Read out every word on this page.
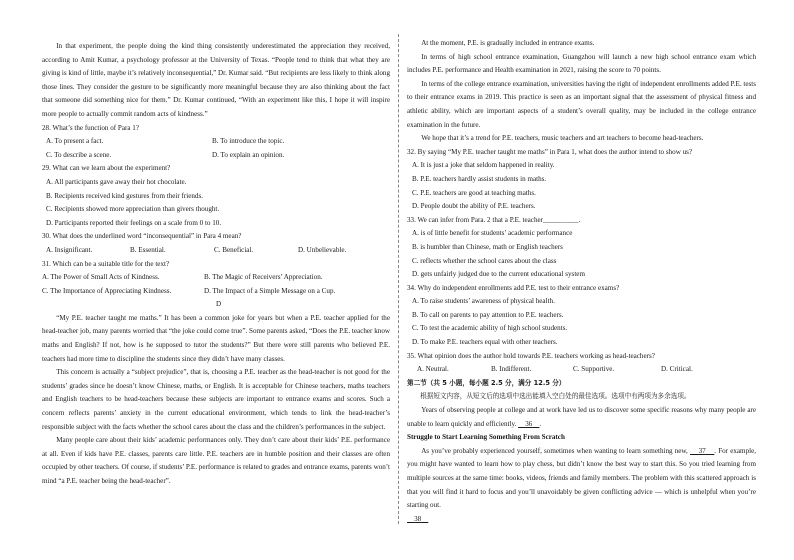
In that experiment, the people doing the kind thing consistently underestimated the appreciation they received, according to Amit Kumar, a psychology professor at the University of Texas. “People tend to think that what they are giving is kind of little, maybe it’s relatively inconsequential,” Dr. Kumar said. “But recipients are less likely to think along those lines. They consider the gesture to be significantly more meaningful because they are also thinking about the fact that someone did something nice for them.” Dr. Kumar continued, “With an experiment like this, I hope it will inspire more people to actually commit random acts of kindness.”

28. What’s the function of Para 1?

A. To present a fact.	B. To introduce the topic.
C. To describe a scene.	D. To explain an opinion.

29. What can we learn about the experiment?

A. All participants gave away their hot chocolate.

B. Recipients received kind gestures from their friends.

C. Recipients showed more appreciation than givers thought.

D. Participants reported their feelings on a scale from 0 to 10.

30. What does the underlined word “inconsequential” in Para 4 mean?

A. Insignificant.	B. Essential.	C. Beneficial.	D. Unbelievable.

31. Which can be a suitable title for the text?

A. The Power of Small Acts of Kindness.	B. The Magic of Receivers’ Appreciation.
C. The Importance of Appreciating Kindness.	D. The Impact of a Simple Message on a Cup.

D

“My P.E. teacher taught me maths.” It has been a common joke for years but when a P.E. teacher applied for the head-teacher job, many parents worried that “the joke could come true”. Some parents asked, “Does the P.E. teacher know maths and English? If not, how is he supposed to tutor the students?” But there were still parents who believed P.E. teachers had more time to discipline the students since they didn’t have many classes.

This concern is actually a “subject prejudice”, that is, choosing a P.E. teacher as the head-teacher is not good for the students’ grades since he doesn’t know Chinese, maths, or English. It is acceptable for Chinese teachers, maths teachers and English teachers to be head-teachers because these subjects are important to entrance exams and scores. Such a concern reflects parents’ anxiety in the current educational environment, which tends to link the head-teacher’s responsible subject with the facts whether the school cares about the class and the children’s performances in the subject.

Many people care about their kids’ academic performances only. They don’t care about their kids’ P.E. performance at all. Even if kids have P.E. classes, parents care little. P.E. teachers are in humble position and their classes are often occupied by other teachers. Of course, if students’ P.E. performance is related to grades and entrance exams, parents won’t mind “a P.E. teacher being the head-teacher”.

At the moment, P.E. is gradually included in entrance exams.

In terms of high school entrance examination, Guangzhou will launch a new high school entrance exam which includes P.E. performance and Health examination in 2021, raising the score to 70 points.

In terms of the college entrance examination, universities having the right of independent enrollments added P.E. tests to their entrance exams in 2019. This practice is seen as an important signal that the assessment of physical fitness and athletic ability, which are important aspects of a student’s overall quality, may be included in the college entrance examination in the future.

We hope that it’s a trend for P.E. teachers, music teachers and art teachers to become head-teachers.

32. By saying “My P.E. teacher taught me maths” in Para 1, what does the author intend to show us?

A. It is just a joke that seldom happened in reality.

B. P.E. teachers hardly assist students in maths.

C. P.E. teachers are good at teaching maths.

D. People doubt the ability of P.E. teachers.

33. We can infer from Para. 2 that a P.E. teacher__________.

A. is of little benefit for students’ academic performance

B. is humbler than Chinese, math or English teachers

C. reflects whether the school cares about the class

D. gets unfairly judged due to the current educational system

34. Why do independent enrollments add P.E. test to their entrance exams?

A. To raise students’ awareness of physical health.

B. To call on parents to pay attention to P.E. teachers.

C. To test the academic ability of high school students.

D. To make P.E. teachers equal with other teachers.

35. What opinion does the author hold towards P.E. teachers working as head-teachers?

A. Neutral.	B. Indifferent.	C. Supportive.	D. Critical.

第二节（共 5 小题，每小题 2.5 分，满分 12.5 分）

根据短文内容，从短文后的选项中选出能填入空白处的最佳选项。选项中有两项为多余选项。

Years of observing people at college and at work have led us to discover some specific reasons why many people are unable to learn quickly and efficiently. 36 .

Struggle to Start Learning Something From Scratch

As you’ve probably experienced yourself, sometimes when wanting to learn something new, 37 . For example, you might have wanted to learn how to play chess, but didn’t know the best way to start this. So you tried learning from multiple sources at the same time: books, videos, friends and family members. The problem with this scattered approach is that you will find it hard to focus and you’ll unavoidably be given conflicting advice — which is unhelpful when you’re starting out.

38
